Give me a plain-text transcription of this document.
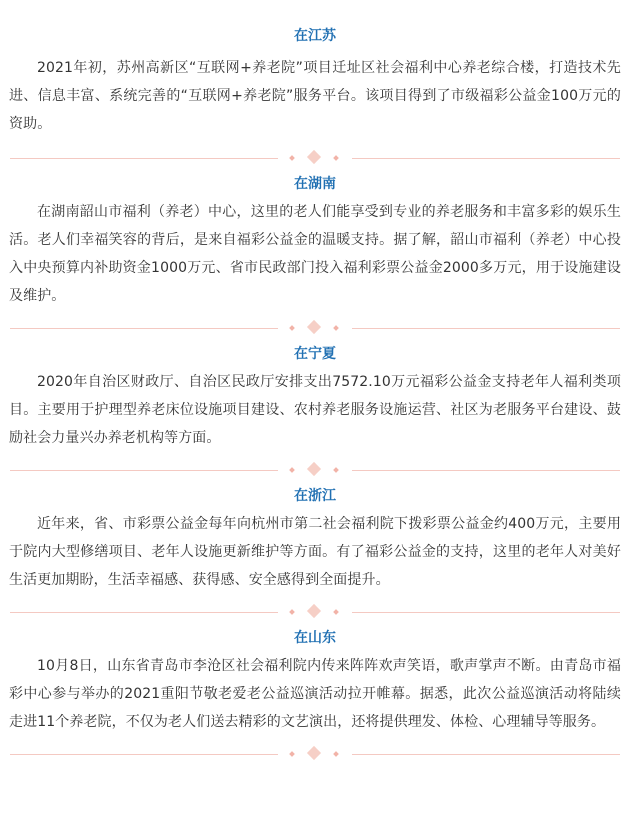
在江苏

2021年初，苏州高新区“互联网+养老院”项目迁址区社会福利中心养老综合楼，打造技术先进、信息丰富、系统完善的“互联网+养老院”服务平台。该项目得到了市级福彩公益金100万元的资助。

在湖南

在湖南韶山市福利（养老）中心，这里的老人们能享受到专业的养老服务和丰富多彩的娱乐生活。老人们幸福笑容的背后，是来自福彩公益金的温暖支持。据了解，韶山市福利（养老）中心投入中央预算内补助资金1000万元、省市民政部门投入福利彩票公益金2000多万元，用于设施建设及维护。

在宁夏

2020年自治区财政厅、自治区民政厅安排支出7572.10万元福彩公益金支持老年人福利类项目。主要用于护理型养老床位设施项目建设、农村养老服务设施运营、社区为老服务平台建设、鼓励社会力量兴办养老机构等方面。

在浙江

近年来，省、市彩票公益金每年向杭州市第二社会福利院下拨彩票公益金约400万元，主要用于院内大型修缮项目、老年人设施更新维护等方面。有了福彩公益金的支持，这里的老年人对美好生活更加期盼，生活幸福感、获得感、安全感得到全面提升。

在山东

10月8日，山东省青岛市李沧区社会福利院内传来阵阵欢声笑语，歌声掌声不断。由青岛市福彩中心参与举办的2021重阳节敬老爱老公益巡演活动拉开帷幕。据悉，此次公益巡演活动将陆续走进11个养老院，不仅为老人们送去精彩的文艺演出，还将提供理发、体检、心理辅导等服务。
